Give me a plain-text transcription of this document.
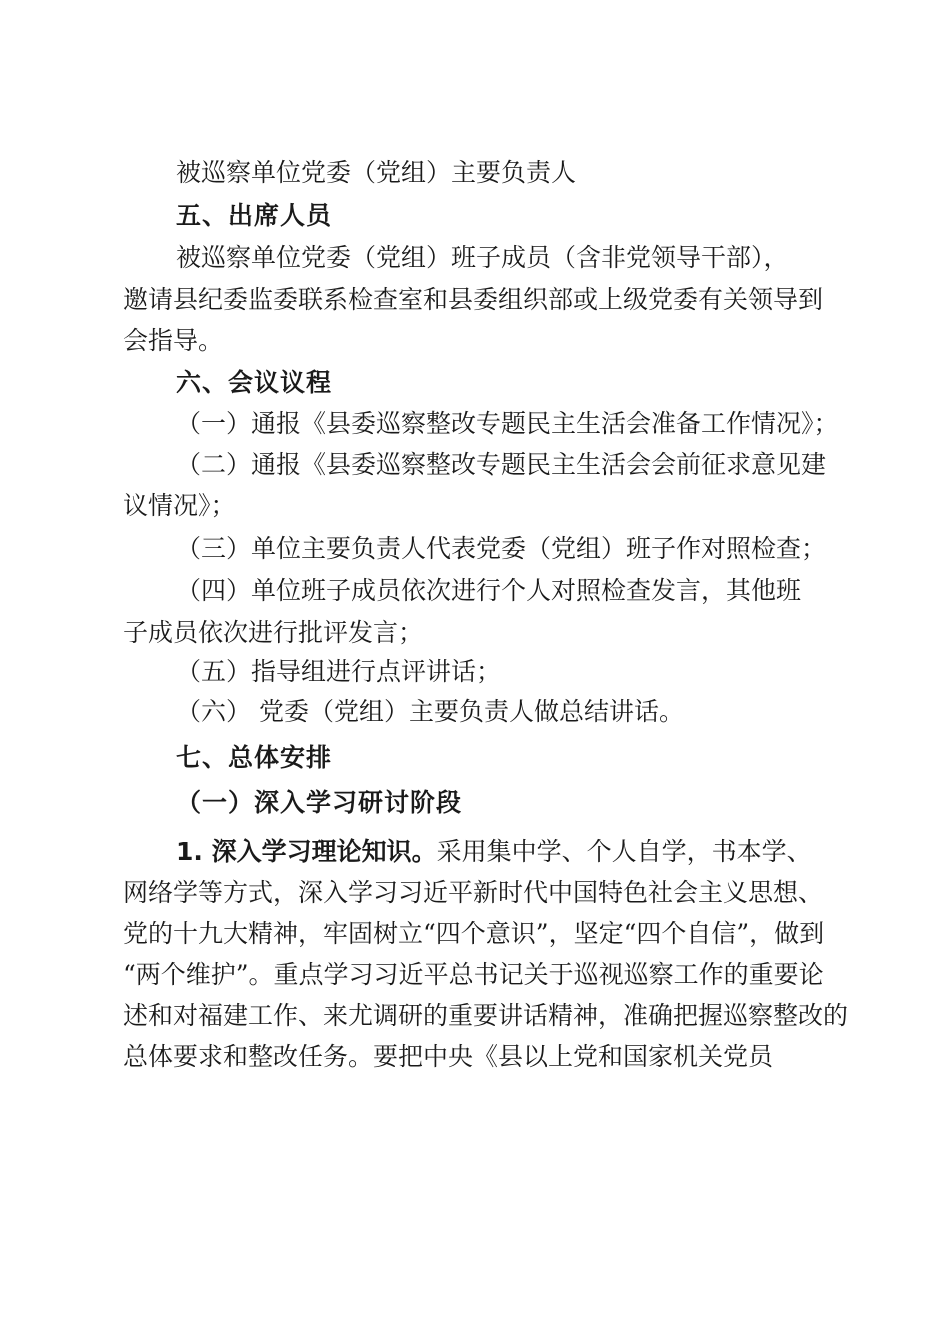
被巡察单位党委（党组）主要负责人
五、出席人员
被巡察单位党委（党组）班子成员（含非党领导干部），
邀请县纪委监委联系检查室和县委组织部或上级党委有关领导到
会指导。
六、会议议程
（一）通报《县委巡察整改专题民主生活会准备工作情况》；
（二）通报《县委巡察整改专题民主生活会会前征求意见建
议情况》；
（三）单位主要负责人代表党委（党组）班子作对照检查；
（四）单位班子成员依次进行个人对照检查发言，其他班
子成员依次进行批评发言；
（五）指导组进行点评讲话；
（六） 党委（党组）主要负责人做总结讲话。
七、总体安排
（一）深入学习研讨阶段
1. 深入学习理论知识。采用集中学、个人自学，书本学、
网络学等方式，深入学习习近平新时代中国特色社会主义思想、
党的十九大精神，牢固树立“四个意识”，坚定“四个自信”，做到
“两个维护”。重点学习习近平总书记关于巡视巡察工作的重要论
述和对福建工作、来尤调研的重要讲话精神，准确把握巡察整改的
总体要求和整改任务。要把中央《县以上党和国家机关党员
